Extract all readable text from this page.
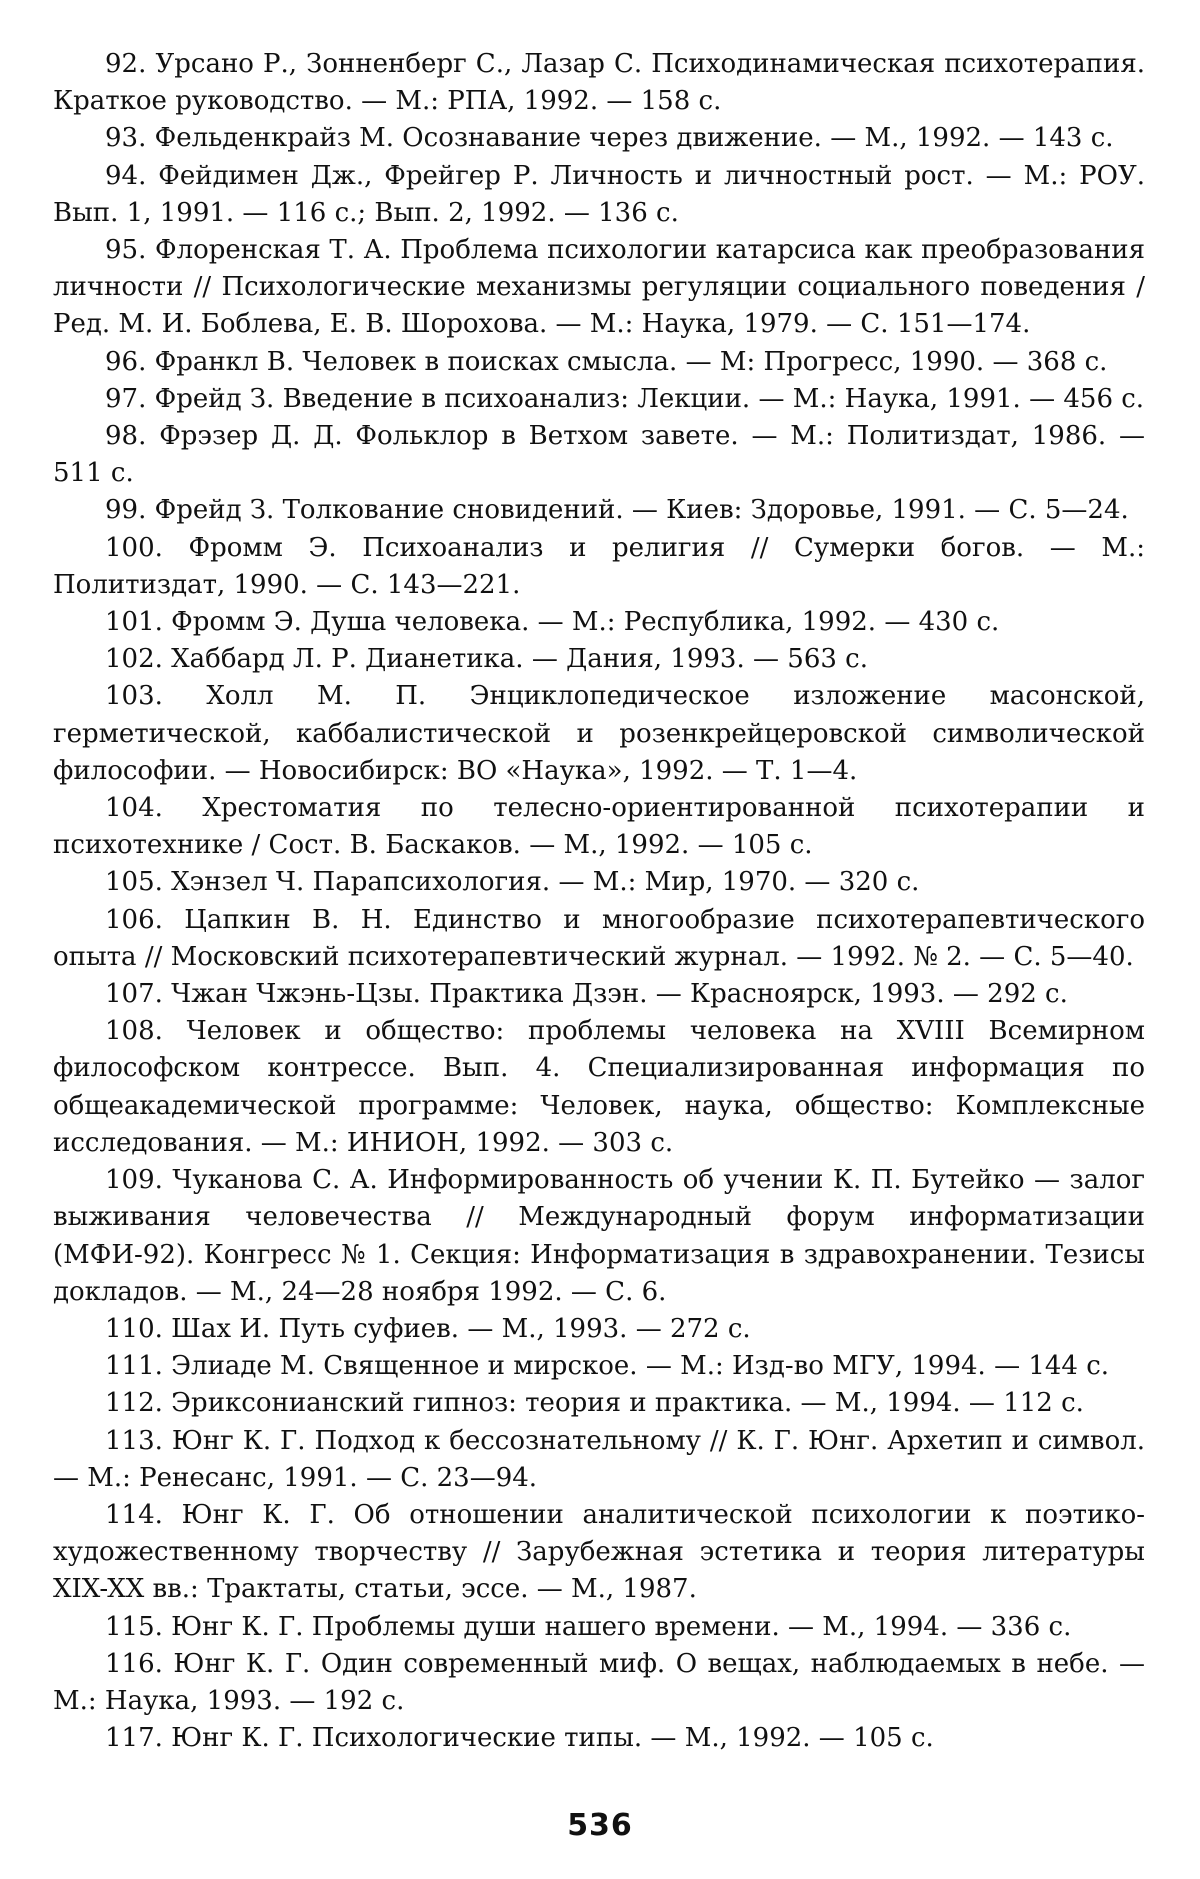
92. Урсано Р., Зонненберг С., Лазар С. Психодинамическая психотерапия. Краткое руководство. — М.: РПА, 1992. — 158 с.

93. Фельденкрайз М. Осознавание через движение. — М., 1992. — 143 с.

94. Фейдимен Дж., Фрейгер Р. Личность и личностный рост. — М.: РОУ. Вып. 1, 1991. — 116 с.; Вып. 2, 1992. — 136 с.

95. Флоренская Т. А. Проблема психологии катарсиса как преобразования личности // Психологические механизмы регуляции социального поведения / Ред. М. И. Боблева, Е. В. Шорохова. — М.: Наука, 1979. — С. 151—174.

96. Франкл В. Человек в поисках смысла. — М: Прогресс, 1990. — 368 с.

97. Фрейд З. Введение в психоанализ: Лекции. — М.: Наука, 1991. — 456 с.

98. Фрэзер Д. Д. Фольклор в Ветхом завете. — М.: Политиздат, 1986. — 511 с.

99. Фрейд З. Толкование сновидений. — Киев: Здоровье, 1991. — С. 5—24.

100. Фромм Э. Психоанализ и религия // Сумерки богов. — М.: Политиздат, 1990. — С. 143—221.

101. Фромм Э. Душа человека. — М.: Республика, 1992. — 430 с.

102. Хаббард Л. Р. Дианетика. — Дания, 1993. — 563 с.

103. Холл М. П. Энциклопедическое изложение масонской, герметической, каббалистической и розенкрейцеровской символической философии. — Новосибирск: ВО «Наука», 1992. — Т. 1—4.

104. Хрестоматия по телесно-ориентированной психотерапии и психотехнике / Сост. В. Баскаков. — М., 1992. — 105 с.

105. Хэнзел Ч. Парапсихология. — М.: Мир, 1970. — 320 с.

106. Цапкин В. Н. Единство и многообразие психотерапевтического опыта // Московский психотерапевтический журнал. — 1992. № 2. — С. 5—40.

107. Чжан Чжэнь-Цзы. Практика Дзэн. — Красноярск, 1993. — 292 с.

108. Человек и общество: проблемы человека на XVIII Всемирном философском контрессе. Вып. 4. Специализированная информация по общеакадемической программе: Человек, наука, общество: Комплексные исследования. — М.: ИНИОН, 1992. — 303 с.

109. Чуканова С. А. Информированность об учении К. П. Бутейко — залог выживания человечества // Международный форум информатизации (МФИ-92). Конгресс № 1. Секция: Информатизация в здравохранении. Тезисы докладов. — М., 24—28 ноября 1992. — С. 6.

110. Шах И. Путь суфиев. — М., 1993. — 272 с.

111. Элиаде М. Священное и мирское. — М.: Изд-во МГУ, 1994. — 144 с.

112. Эриксонианский гипноз: теория и практика. — М., 1994. — 112 с.

113. Юнг К. Г. Подход к бессознательному // К. Г. Юнг. Архетип и символ. — М.: Ренесанс, 1991. — С. 23—94.

114. Юнг К. Г. Об отношении аналитической психологии к поэтико-художественному творчеству // Зарубежная эстетика и теория литературы XIX-XX вв.: Трактаты, статьи, эссе. — М., 1987.

115. Юнг К. Г. Проблемы души нашего времени. — М., 1994. — 336 с.

116. Юнг К. Г. Один современный миф. О вещах, наблюдаемых в небе. — М.: Наука, 1993. — 192 с.

117. Юнг К. Г. Психологические типы. — М., 1992. — 105 с.

536
